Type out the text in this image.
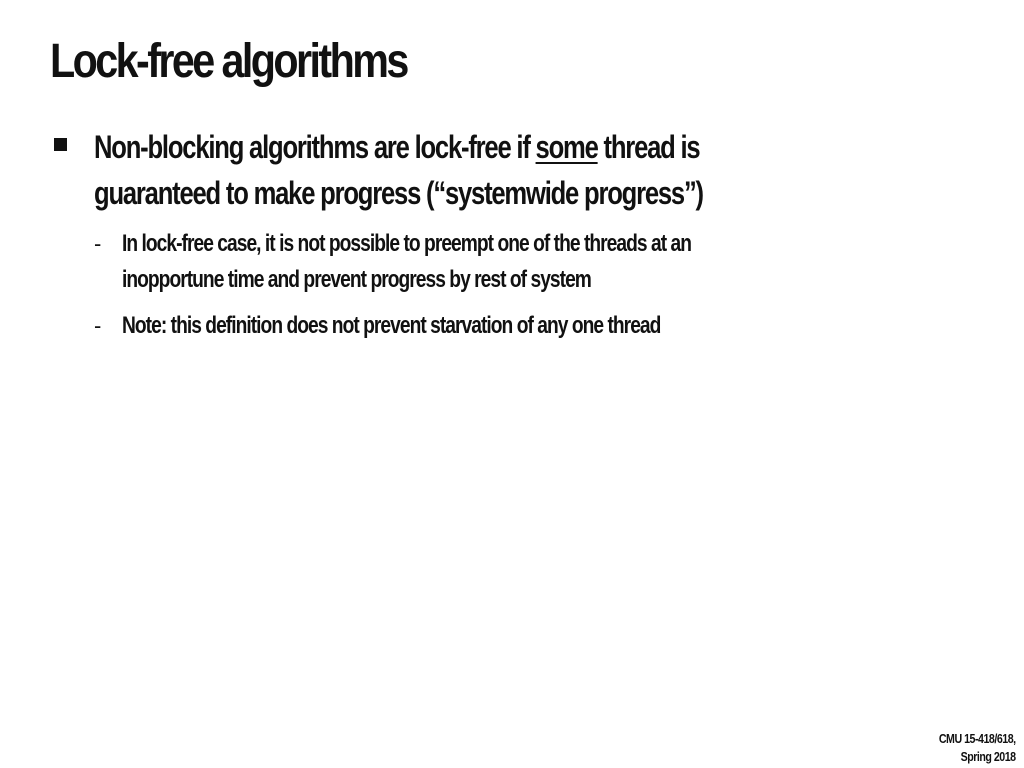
Lock-free algorithms
Non-blocking algorithms are lock-free if some thread is
guaranteed to make progress (“systemwide progress”)
- In lock-free case, it is not possible to preempt one of the threads at an
inopportune time and prevent progress by rest of system
- Note: this definition does not prevent starvation of any one thread
CMU 15-418/618,
Spring 2018
